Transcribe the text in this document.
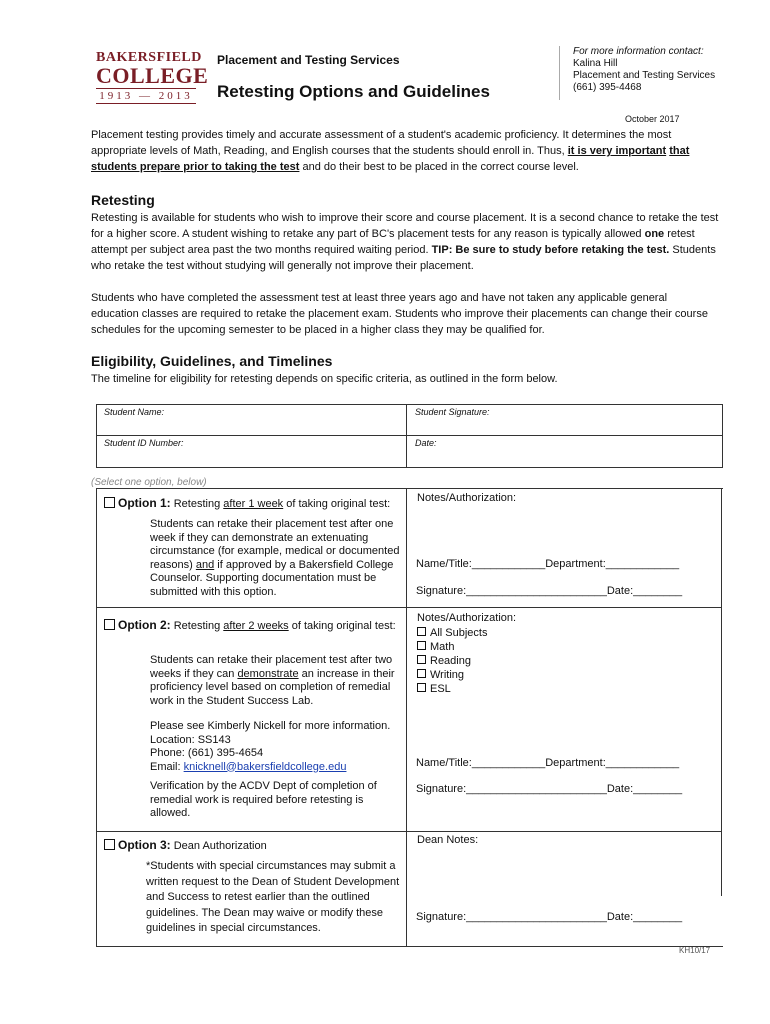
BAKERSFIELD
COLLEGE
1913 — 2013
Placement and Testing Services
Retesting Options and Guidelines
For more information contact:
Kalina Hill
Placement and Testing Services
(661) 395-4468
October 2017
Placement testing provides timely and accurate assessment of a student's academic proficiency. It determines the most appropriate levels of Math, Reading, and English courses that the students should enroll in. Thus, it is very important that students prepare prior to taking the test and do their best to be placed in the correct course level.
Retesting
Retesting is available for students who wish to improve their score and course placement. It is a second chance to retake the test for a higher score. A student wishing to retake any part of BC's placement tests for any reason is typically allowed one retest attempt per subject area past the two months required waiting period. TIP: Be sure to study before retaking the test. Students who retake the test without studying will generally not improve their placement.
Students who have completed the assessment test at least three years ago and have not taken any applicable general education classes are required to retake the placement exam. Students who improve their placements can change their course schedules for the upcoming semester to be placed in a higher class they may be qualified for.
Eligibility, Guidelines, and Timelines
The timeline for eligibility for retesting depends on specific criteria, as outlined in the form below.
Student Name:	Student Signature:
Student ID Number:	Date:
(Select one option, below)
Option 1: Retesting after 1 week of taking original test:
Students can retake their placement test after one week if they can demonstrate an extenuating circumstance (for example, medical or documented reasons) and if approved by a Bakersfield College Counselor. Supporting documentation must be submitted with this option.
Notes/Authorization:
Name/Title:____________Department:____________
Signature:_______________________Date:________
Option 2: Retesting after 2 weeks of taking original test:
Students can retake their placement test after two weeks if they can demonstrate an increase in their proficiency level based on completion of remedial work in the Student Success Lab.
Please see Kimberly Nickell for more information.
Location: SS143
Phone: (661) 395-4654
Email: knicknell@bakersfieldcollege.edu
Verification by the ACDV Dept of completion of remedial work is required before retesting is allowed.
Notes/Authorization:
All Subjects
Math
Reading
Writing
ESL
Name/Title:____________Department:____________
Signature:_______________________Date:________
Option 3: Dean Authorization
*Students with special circumstances may submit a written request to the Dean of Student Development and Success to retest earlier than the outlined guidelines. The Dean may waive or modify these guidelines in special circumstances.
Dean Notes:
Signature:_______________________Date:________
KH10/17
